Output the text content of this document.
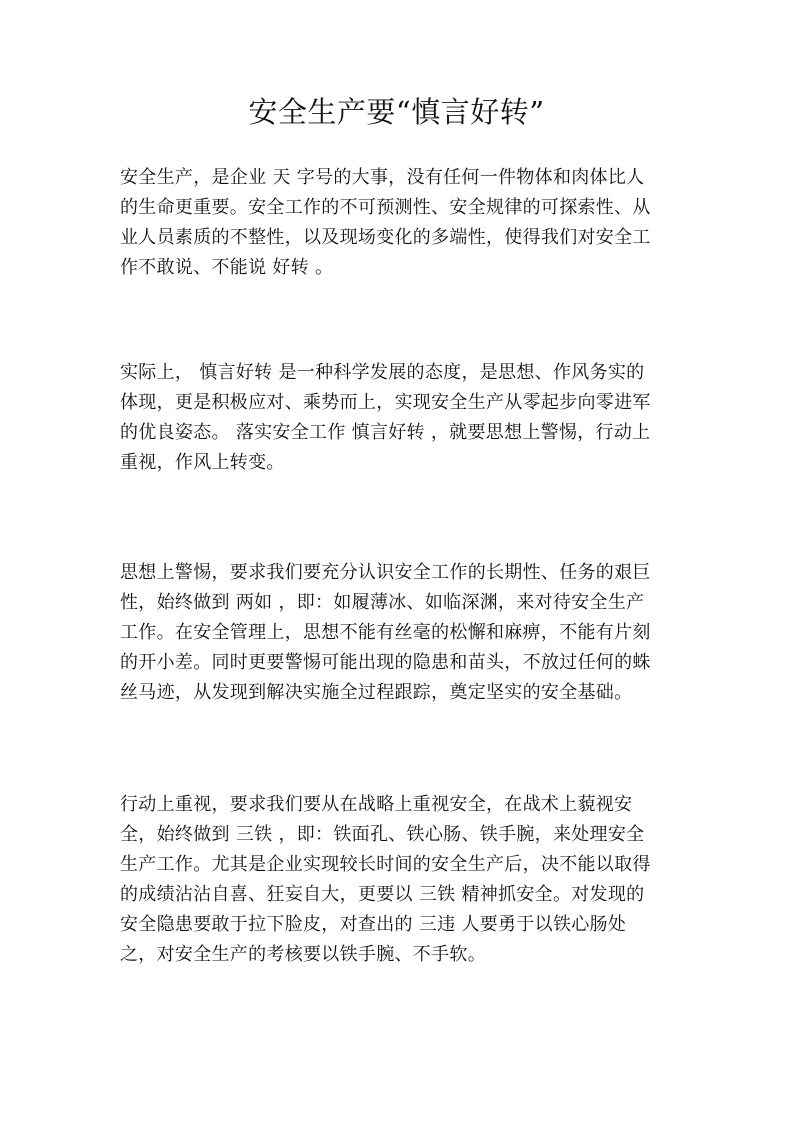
安全生产要“慎言好转”
安全生产，是企业 天 字号的大事，没有任何一件物体和肉体比人
的生命更重要。安全工作的不可预测性、安全规律的可探索性、从
业人员素质的不整性，以及现场变化的多端性，使得我们对安全工
作不敢说、不能说 好转 。
实际上， 慎言好转 是一种科学发展的态度，是思想、作风务实的
体现，更是积极应对、乘势而上，实现安全生产从零起步向零进军
的优良姿态。 落实安全工作 慎言好转 ，就要思想上警惕，行动上
重视，作风上转变。
思想上警惕，要求我们要充分认识安全工作的长期性、任务的艰巨
性，始终做到 两如 ，即：如履薄冰、如临深渊，来对待安全生产
工作。在安全管理上，思想不能有丝毫的松懈和麻痹，不能有片刻
的开小差。同时更要警惕可能出现的隐患和苗头，不放过任何的蛛
丝马迹，从发现到解决实施全过程跟踪，奠定坚实的安全基础。
行动上重视，要求我们要从在战略上重视安全，在战术上藐视安
全，始终做到 三铁 ，即：铁面孔、铁心肠、铁手腕，来处理安全
生产工作。尤其是企业实现较长时间的安全生产后，决不能以取得
的成绩沾沾自喜、狂妄自大，更要以 三铁 精神抓安全。对发现的
安全隐患要敢于拉下脸皮，对查出的 三违 人要勇于以铁心肠处
之，对安全生产的考核要以铁手腕、不手软。
